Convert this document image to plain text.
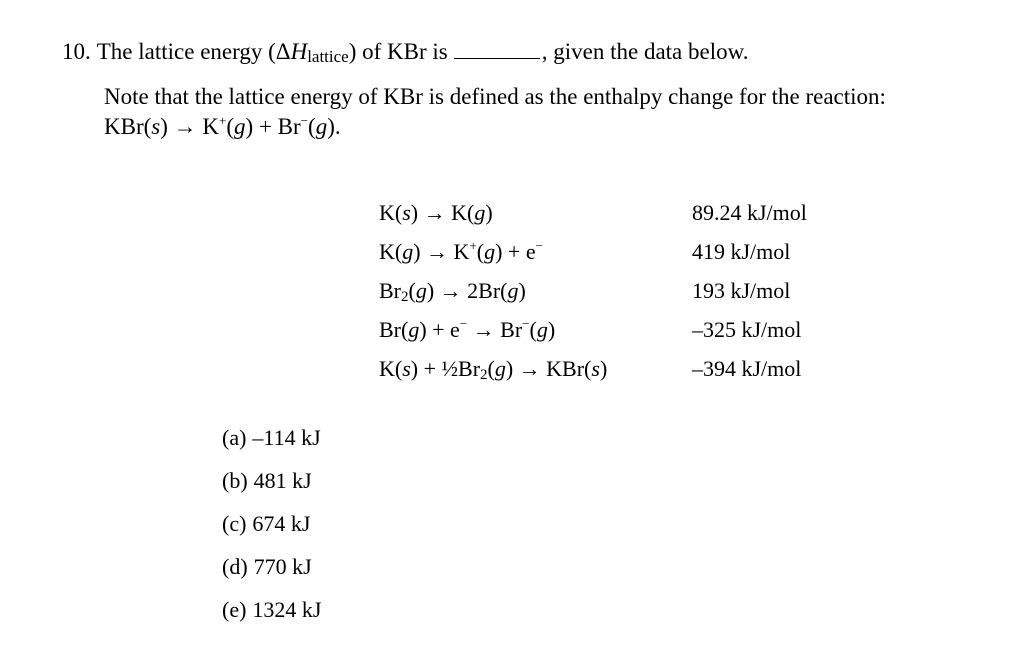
10. The lattice energy (ΔHlattice) of KBr is	, given the data below.
Note that the lattice energy of KBr is defined as the enthalpy change for the reaction:
KBr(s) → K+(g) + Br−(g).
K(s) → K(g)	89.24 kJ/mol
K(g) → K+(g) + e−	419 kJ/mol
$Br_2(g) \to 2Br(g)$	193 kJ/mol
Br(g) + e− → Br−(g)	–325 kJ/mol
$K(s) + \frac{1}{2}Br_2(g) \to KBr(s)$	–394 kJ/mol
(a) –114 kJ
(b) 481 kJ
(c) 674 kJ
(d) 770 kJ
(e) 1324 kJ
